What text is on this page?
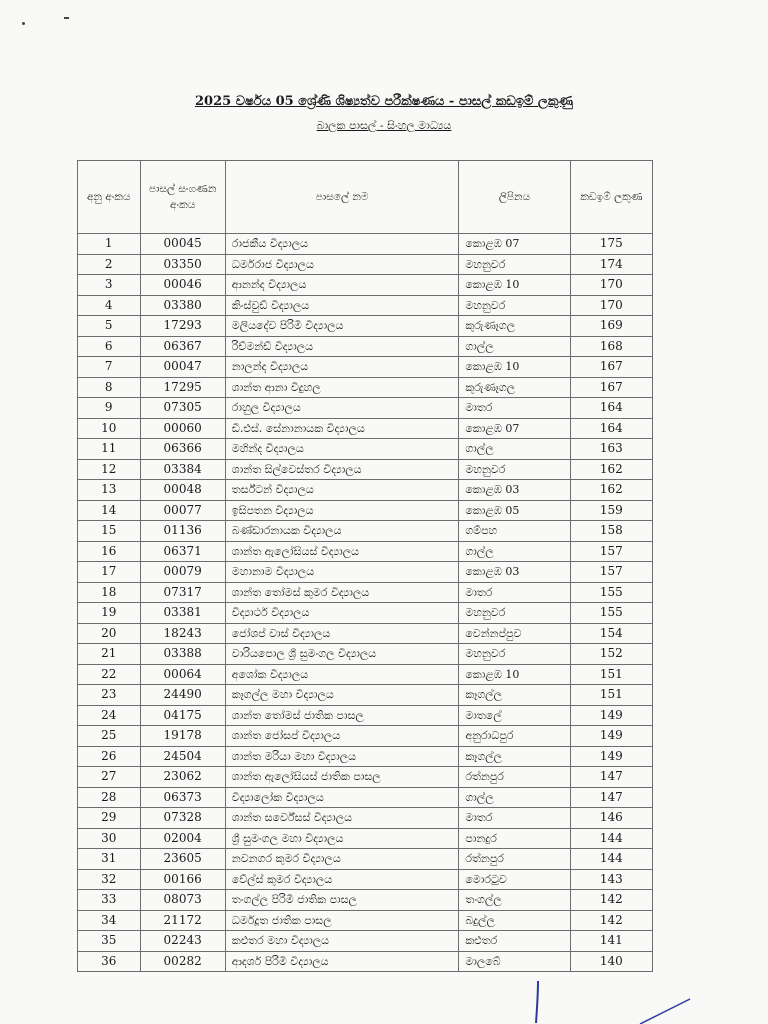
2025 වර්ෂය 05 ශ්‍රේණි ශිෂ්‍යත්ව පරීක්ෂණය - පාසල් කඩඉම් ලකුණු
බාලක පාසල් - සිංහල මාධ්‍යය
අනු අංකය	පාසල් සංගණන අංකය	පාසලේ නම	ලිපිනය	කඩඉම් ලකුණ
1	00045	රාජකීය විද්‍යාලය	කොළඹ 07	175
2	03350	ධර්මරාජ විද්‍යාලය	මහනුවර	174
3	00046	ආනන්ද විද්‍යාලය	කොළඹ 10	170
4	03380	කිංස්වුඩ් විද්‍යාලය	මහනුවර	170
5	17293	මලියදේව පිරිමි විද්‍යාලය	කුරුණෑගල	169
6	06367	රිච්මන්ඩ් විද්‍යාලය	ගාල්ල	168
7	00047	නාලන්ද විද්‍යාලය	කොළඹ 10	167
8	17295	ශාන්ත ආනා විදුහල	කුරුණෑගල	167
9	07305	රාහුල විද්‍යාලය	මාතර	164
10	00060	ඩී.එස්. සේනානායක විද්‍යාලය	කොළඹ 07	164
11	06366	මහින්ද විද්‍යාලය	ගාල්ල	163
12	03384	ශාන්ත සිල්වෙස්තර විද්‍යාලය	මහනුවර	162
13	00048	තර්ස්ටන් විද්‍යාලය	කොළඹ 03	162
14	00077	ඉසිපතන විද්‍යාලය	කොළඹ 05	159
15	01136	බණ්ඩාරනායක විද්‍යාලය	ගම්පහ	158
16	06371	ශාන්ත ඇලෝසියස් විද්‍යාලය	ගාල්ල	157
17	00079	මහානාම විද්‍යාලය	කොළඹ 03	157
18	07317	ශාන්ත තෝමස් කුමර විද්‍යාලය	මාතර	155
19	03381	විද්‍යාර්ථ විද්‍යාලය	මහනුවර	155
20	18243	ජෝශප් වාස් විද්‍යාලය	වෙන්නප්පුව	154
21	03388	වාරියපොල ශ්‍රී සුමංගල විද්‍යාලය	මහනුවර	152
22	00064	අශෝක විද්‍යාලය	කොළඹ 10	151
23	24490	කෑගල්ල මහා විද්‍යාලය	කෑගල්ල	151
24	04175	ශාන්ත තෝමස් ජාතික පාසල	මාතලේ	149
25	19178	ශාන්ත ජෝසප් විද්‍යාලය	අනුරාධපුර	149
26	24504	ශාන්ත මරියා මහා විද්‍යාලය	කෑගල්ල	149
27	23062	ශාන්ත ඇලෝසියස් ජාතික පාසල	රත්නපුර	147
28	06373	විද්‍යාලෝක විද්‍යාලය	ගාල්ල	147
29	07328	ශාන්ත සර්වේසස් විද්‍යාලය	මාතර	146
30	02004	ශ්‍රී සුමංගල මහා විද්‍යාලය	පානදුර	144
31	23605	නවනගර කුමර විද්‍යාලය	රත්නපුර	144
32	00166	වේල්ස් කුමර විද්‍යාලය	මොරටුව	143
33	08073	තංගල්ල පිරිමි ජාතික පාසල	තංගල්ල	142
34	21172	ධර්මදූත ජාතික පාසල	බදුල්ල	142
35	02243	කළුතර මහා විද්‍යාලය	කළුතර	141
36	00282	ආදර්ශ පිරිමි විද්‍යාලය	මාලබේ	140
